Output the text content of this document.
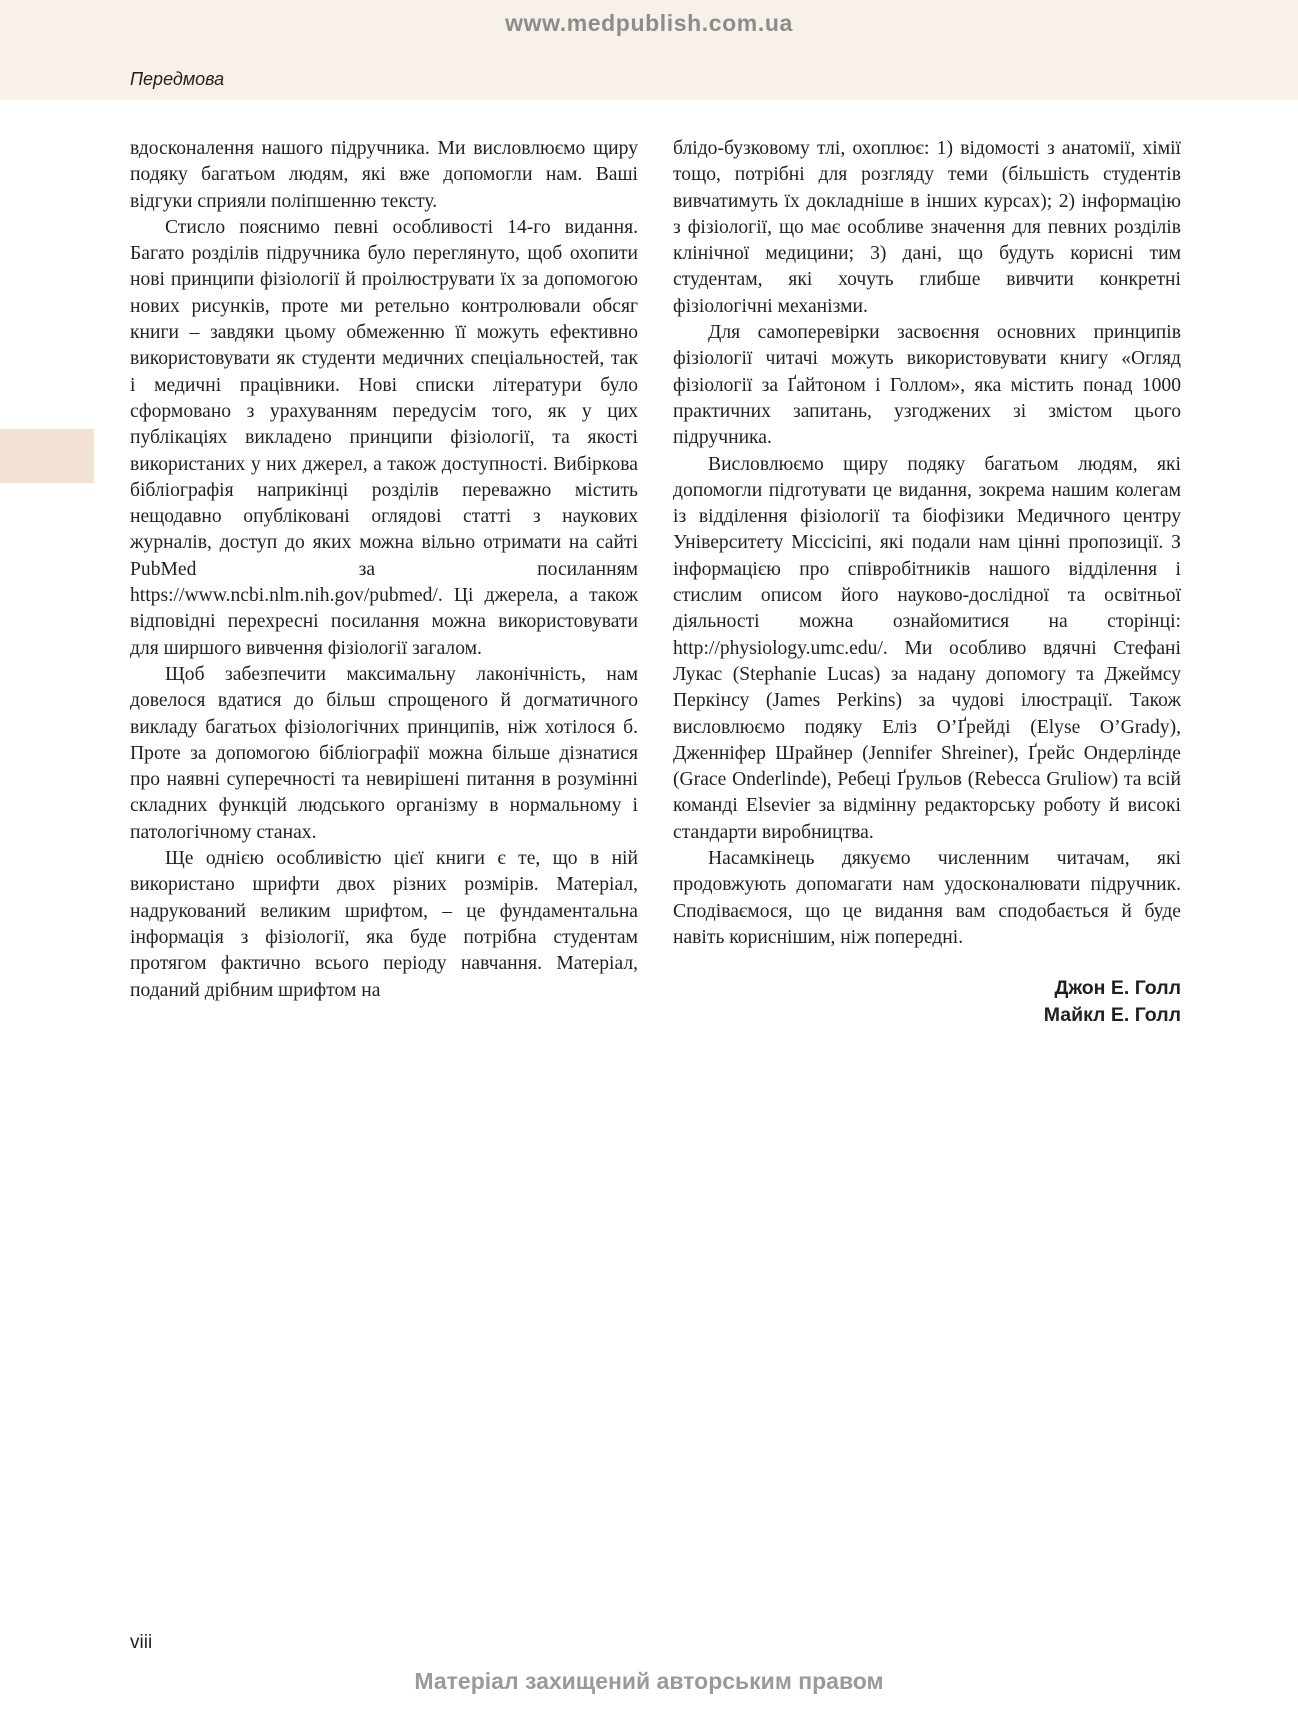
www.medpublish.com.ua
Передмова

вдосконалення нашого підручника. Ми висловлюємо щиру подяку багатьом людям, які вже допомогли нам. Ваші відгуки сприяли поліпшенню тексту.

Стисло пояснимо певні особливості 14-го видання. Багато розділів підручника було переглянуто, щоб охопити нові принципи фізіології й проілюструвати їх за допомогою нових рисунків, проте ми ретельно контролювали обсяг книги – завдяки цьому обмеженню її можуть ефективно використовувати як студенти медичних спеціальностей, так і медичні працівники. Нові списки літератури було сформовано з урахуванням передусім того, як у цих публікаціях викладено принципи фізіології, та якості використаних у них джерел, а також доступності. Вибіркова бібліографія наприкінці розділів переважно містить нещодавно опубліковані оглядові статті з наукових журналів, доступ до яких можна вільно отримати на сайті PubMed за посиланням https://www.ncbi.nlm.nih.gov/pubmed/. Ці джерела, а також відповідні перехресні посилання можна використовувати для ширшого вивчення фізіології загалом.

Щоб забезпечити максимальну лаконічність, нам довелося вдатися до більш спрощеного й догматичного викладу багатьох фізіологічних принципів, ніж хотілося б. Проте за допомогою бібліографії можна більше дізнатися про наявні суперечності та невирішені питання в розумінні складних функцій людського організму в нормальному і патологічному станах.

Ще однією особливістю цієї книги є те, що в ній використано шрифти двох різних розмірів. Матеріал, надрукований великим шрифтом, – це фундаментальна інформація з фізіології, яка буде потрібна студентам протягом фактично всього періоду навчання. Матеріал, поданий дрібним шрифтом на

блідо-бузковому тлі, охоплює: 1) відомості з анатомії, хімії тощо, потрібні для розгляду теми (більшість студентів вивчатимуть їх докладніше в інших курсах); 2) інформацію з фізіології, що має особливе значення для певних розділів клінічної медицини; 3) дані, що будуть корисні тим студентам, які хочуть глибше вивчити конкретні фізіологічні механізми.

Для самоперевірки засвоєння основних принципів фізіології читачі можуть використовувати книгу «Огляд фізіології за Ґайтоном і Голлом», яка містить понад 1000 практичних запитань, узгоджених зі змістом цього підручника.

Висловлюємо щиру подяку багатьом людям, які допомогли підготувати це видання, зокрема нашим колегам із відділення фізіології та біофізики Медичного центру Університету Міссісіпі, які подали нам цінні пропозиції. З інформацією про співробітників нашого відділення і стислим описом його науково-дослідної та освітньої діяльності можна ознайомитися на сторінці: http://physiology.umc.edu/. Ми особливо вдячні Стефані Лукас (Stephanie Lucas) за надану допомогу та Джеймсу Перкінсу (James Perkins) за чудові ілюстрації. Також висловлюємо подяку Еліз О’Ґрейді (Elyse O’Grady), Дженніфер Шрайнер (Jennifer Shreiner), Ґрейс Ондерлінде (Grace Onderlinde), Ребеці Ґрульов (Rebecca Gruliow) та всій команді Elsevier за відмінну редакторську роботу й високі стандарти виробництва.

Насамкінець дякуємо численним читачам, які продовжують допомагати нам удосконалювати підручник. Сподіваємося, що це видання вам сподобається й буде навіть кориснішим, ніж попередні.

Джон Е. Голл
Майкл Е. Голл
viii
Матеріал захищений авторським правом
